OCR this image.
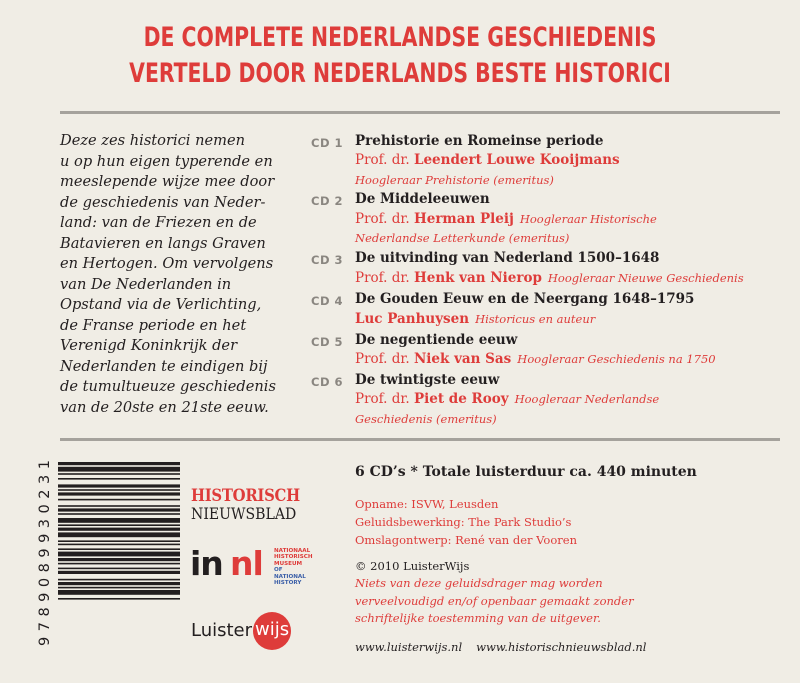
DE COMPLETE NEDERLANDSE GESCHIEDENIS
VERTELD DOOR NEDERLANDS BESTE HISTORICI
Deze zes historici nemen
u op hun eigen typerende en
meeslepende wijze mee door
de geschiedenis van Neder-
land: van de Friezen en de
Batavieren en langs Graven
en Hertogen. Om vervolgens
van De Nederlanden in
Opstand via de Verlichting,
de Franse periode en het
Verenigd Koninkrijk der
Nederlanden te eindigen bij
de tumultueuze geschiedenis
van de 20ste en 21ste eeuw.
CD 1 Prehistorie en Romeinse periode
Prof. dr. Leendert Louwe Kooijmans
Hoogleraar Prehistorie (emeritus)
CD 2 De Middeleeuwen
Prof. dr. Herman Pleij Hoogleraar Historische
Nederlandse Letterkunde (emeritus)
CD 3 De uitvinding van Nederland 1500–1648
Prof. dr. Henk van Nierop Hoogleraar Nieuwe Geschiedenis
CD 4 De Gouden Eeuw en de Neergang 1648–1795
Luc Panhuysen Historicus en auteur
CD 5 De negentiende eeuw
Prof. dr. Niek van Sas Hoogleraar Geschiedenis na 1750
CD 6 De twintigste eeuw
Prof. dr. Piet de Rooy Hoogleraar Nederlandse
Geschiedenis (emeritus)
9789089930231	HISTORISCH
NIEUWSBLAD
in nl NATIONAAL
HISTORISCH
MUSEUM
OF NATIONAL
HISTORY
Luister wijs
6 CD’s * Totale luisterduur ca. 440 minuten
Opname: ISVW, Leusden
Geluidsbewerking: The Park Studio’s
Omslagontwerp: René van der Vooren
© 2010 LuisterWijs
Niets van deze geluidsdrager mag worden
verveelvoudigd en/of openbaar gemaakt zonder
schriftelijke toestemming van de uitgever.
www.luisterwijs.nl www.historischnieuwsblad.nl
